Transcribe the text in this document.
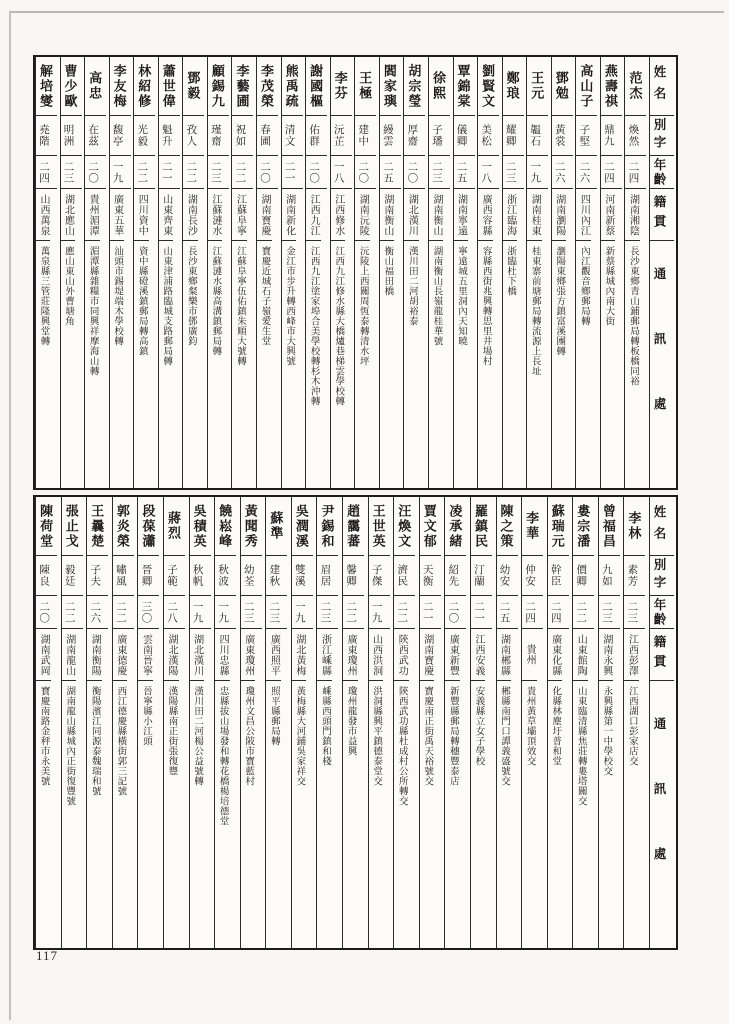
姓名
別字
年齡
籍貫
通訊處
范杰
煥然
二四
湖南湘陰
長沙東鄉青山鋪郵局轉板橋同裕
燕壽祺
鼎九
二四
河南新蔡
新蔡縣城內南大街
高山子
子堅
二六
四川內江
內江觀音鄉郵局轉
鄧勉
黃裳
二六
湖南瀏陽
瀏陽東鄉張方鎮富溪團轉
王元
韞石
一九
湖南桂東
桂東寨前塘郵局轉流源上長址
鄭琅
耀卿
二三
浙江臨海
浙臨杜下橋
劉賢文
美松
一八
廣西容縣
容縣西街兆興轉思里井場村
覃錦棠
儀卿
二五
湖南寧遠
寧遠城五里洞內天知曉
徐熙
子璠
二三
湖南衡山
湖南衡山長嶺龍桂華號
胡宗瑩
厚齋
二〇
湖北漢川
漢川田二河胡裕泰
閻家璵
縵雲
二五
湖南衡山
衡山福田橋
王極
建中
二〇
湖南沅陵
沅陵上西關周恆泰轉清水坪
李芬
沅芷
一八
江西修水
江西九江修水縣大橋爐巷梯雲學校轉
謝國樞
佑群
二〇
江西九江
江西九江塗家埠合美學校轉杉木沖轉
熊禹疏
清文
二一
湖南新化
金江市步升轉西峰市大興號
李茂榮
春圃
二〇
湖南寶慶
寶慶近城石子嶺愛生堂
李藝圃
祝如
二二
江蘇阜寧
江蘇阜寧伍佑鎮朱順大號轉
顧錫九
瑾齋
二三
江蘇漣水
江蘇漣水縣高溝鎮郵局轉
鄧毅
孜人
二二
湖南長沙
長沙東鄉粲樂市鄧廣鈞
蕭世偉
魁升
二一
山東齊東
山東津浦路臨城支路郵局轉
林紹修
光毅
二二
四川資中
資中縣磴溪鎮郵局轉高鎮
李友梅
馥亭
一九
廣東五華
汕頭市錫堤端木學校轉
高忠
在茲
二〇
貴州湄潭
湄潭縣雜糧市同興祥摩海山轉
曹少歐
明洲
二三
湖北應山
應山東山外曹塘角
解培燮
堯階
二四
山西萬泉
萬泉縣三管莊隆興堂轉
姓名
別字
年齡
籍貫
通訊處
李林
素芳
二三
江西彭澤
江西湖口彭家店交
曾福昌
九如
二三
湖南永興
永興縣第一中學校交
婁宗潘
價卿
二二
山東館陶
山東臨清縣焦莊轉婁塔關交
蘇瑞元
幹臣
二四
廣東化縣
化縣林塵圩普和堂
李華
仲安
二四
貴州
貴州黃草壩頂效交
陳之策
幼安
二五
湖南郴縣
郴縣南門口譚義盛號交
羅鎮民
汀蘭
二一
江西安義
安義縣立女子學校
凌承緒
紹先
二〇
廣東新豐
新豐縣郵局轉穗豐泰店
賈文郁
天衡
二一
湖南寶慶
寶慶南正街禹天裕號交
汪煥文
濟民
二二
陝西武功
陝西武功縣杜成村公所轉交
王世英
子傑
一九
山西洪洞
洪洞縣興平鎮德泰堂交
趙靄蕃
馨卿
二二
廣東瓊州
瓊州龍發市益興
尹錫和
眉居
二三
浙江嵊縣
嵊縣西頭門鎮和棧
吳潤溪
雙溪
一九
湖北黃梅
黃梅縣大河鋪吳家祥交
蘇準
建秋
二三
廣西照平
照平縣郵局轉
黃聞秀
幼荃
二三
廣東瓊州
瓊州文昌公陂市寶藍村
饒崧峰
秋波
一九
四川忠縣
忠縣拔山場發和轉花橋楊培德堂
吳積英
秋帆
一九
湖北漢川
漢川田二河楊公益號轉
蔣烈
子範
二八
湖北漢陽
漢陽縣南正街張復豐
段葆瀟
晉卿
三〇
雲南晉寧
晉寧縣小江頭
郭炎榮
嘯風
二二
廣東德慶
西江德慶縣橫街郭三記號
王曩楚
子夫
二六
湖南衡陽
衡陽濱江同源泰魏瑞和號
張止戈
毅廷
二二
湖南龍山
湖南龍山縣城內正街復豐號
陳荷堂
陳良
二〇
湖南武岡
寶慶南路金秤市永美號
117
